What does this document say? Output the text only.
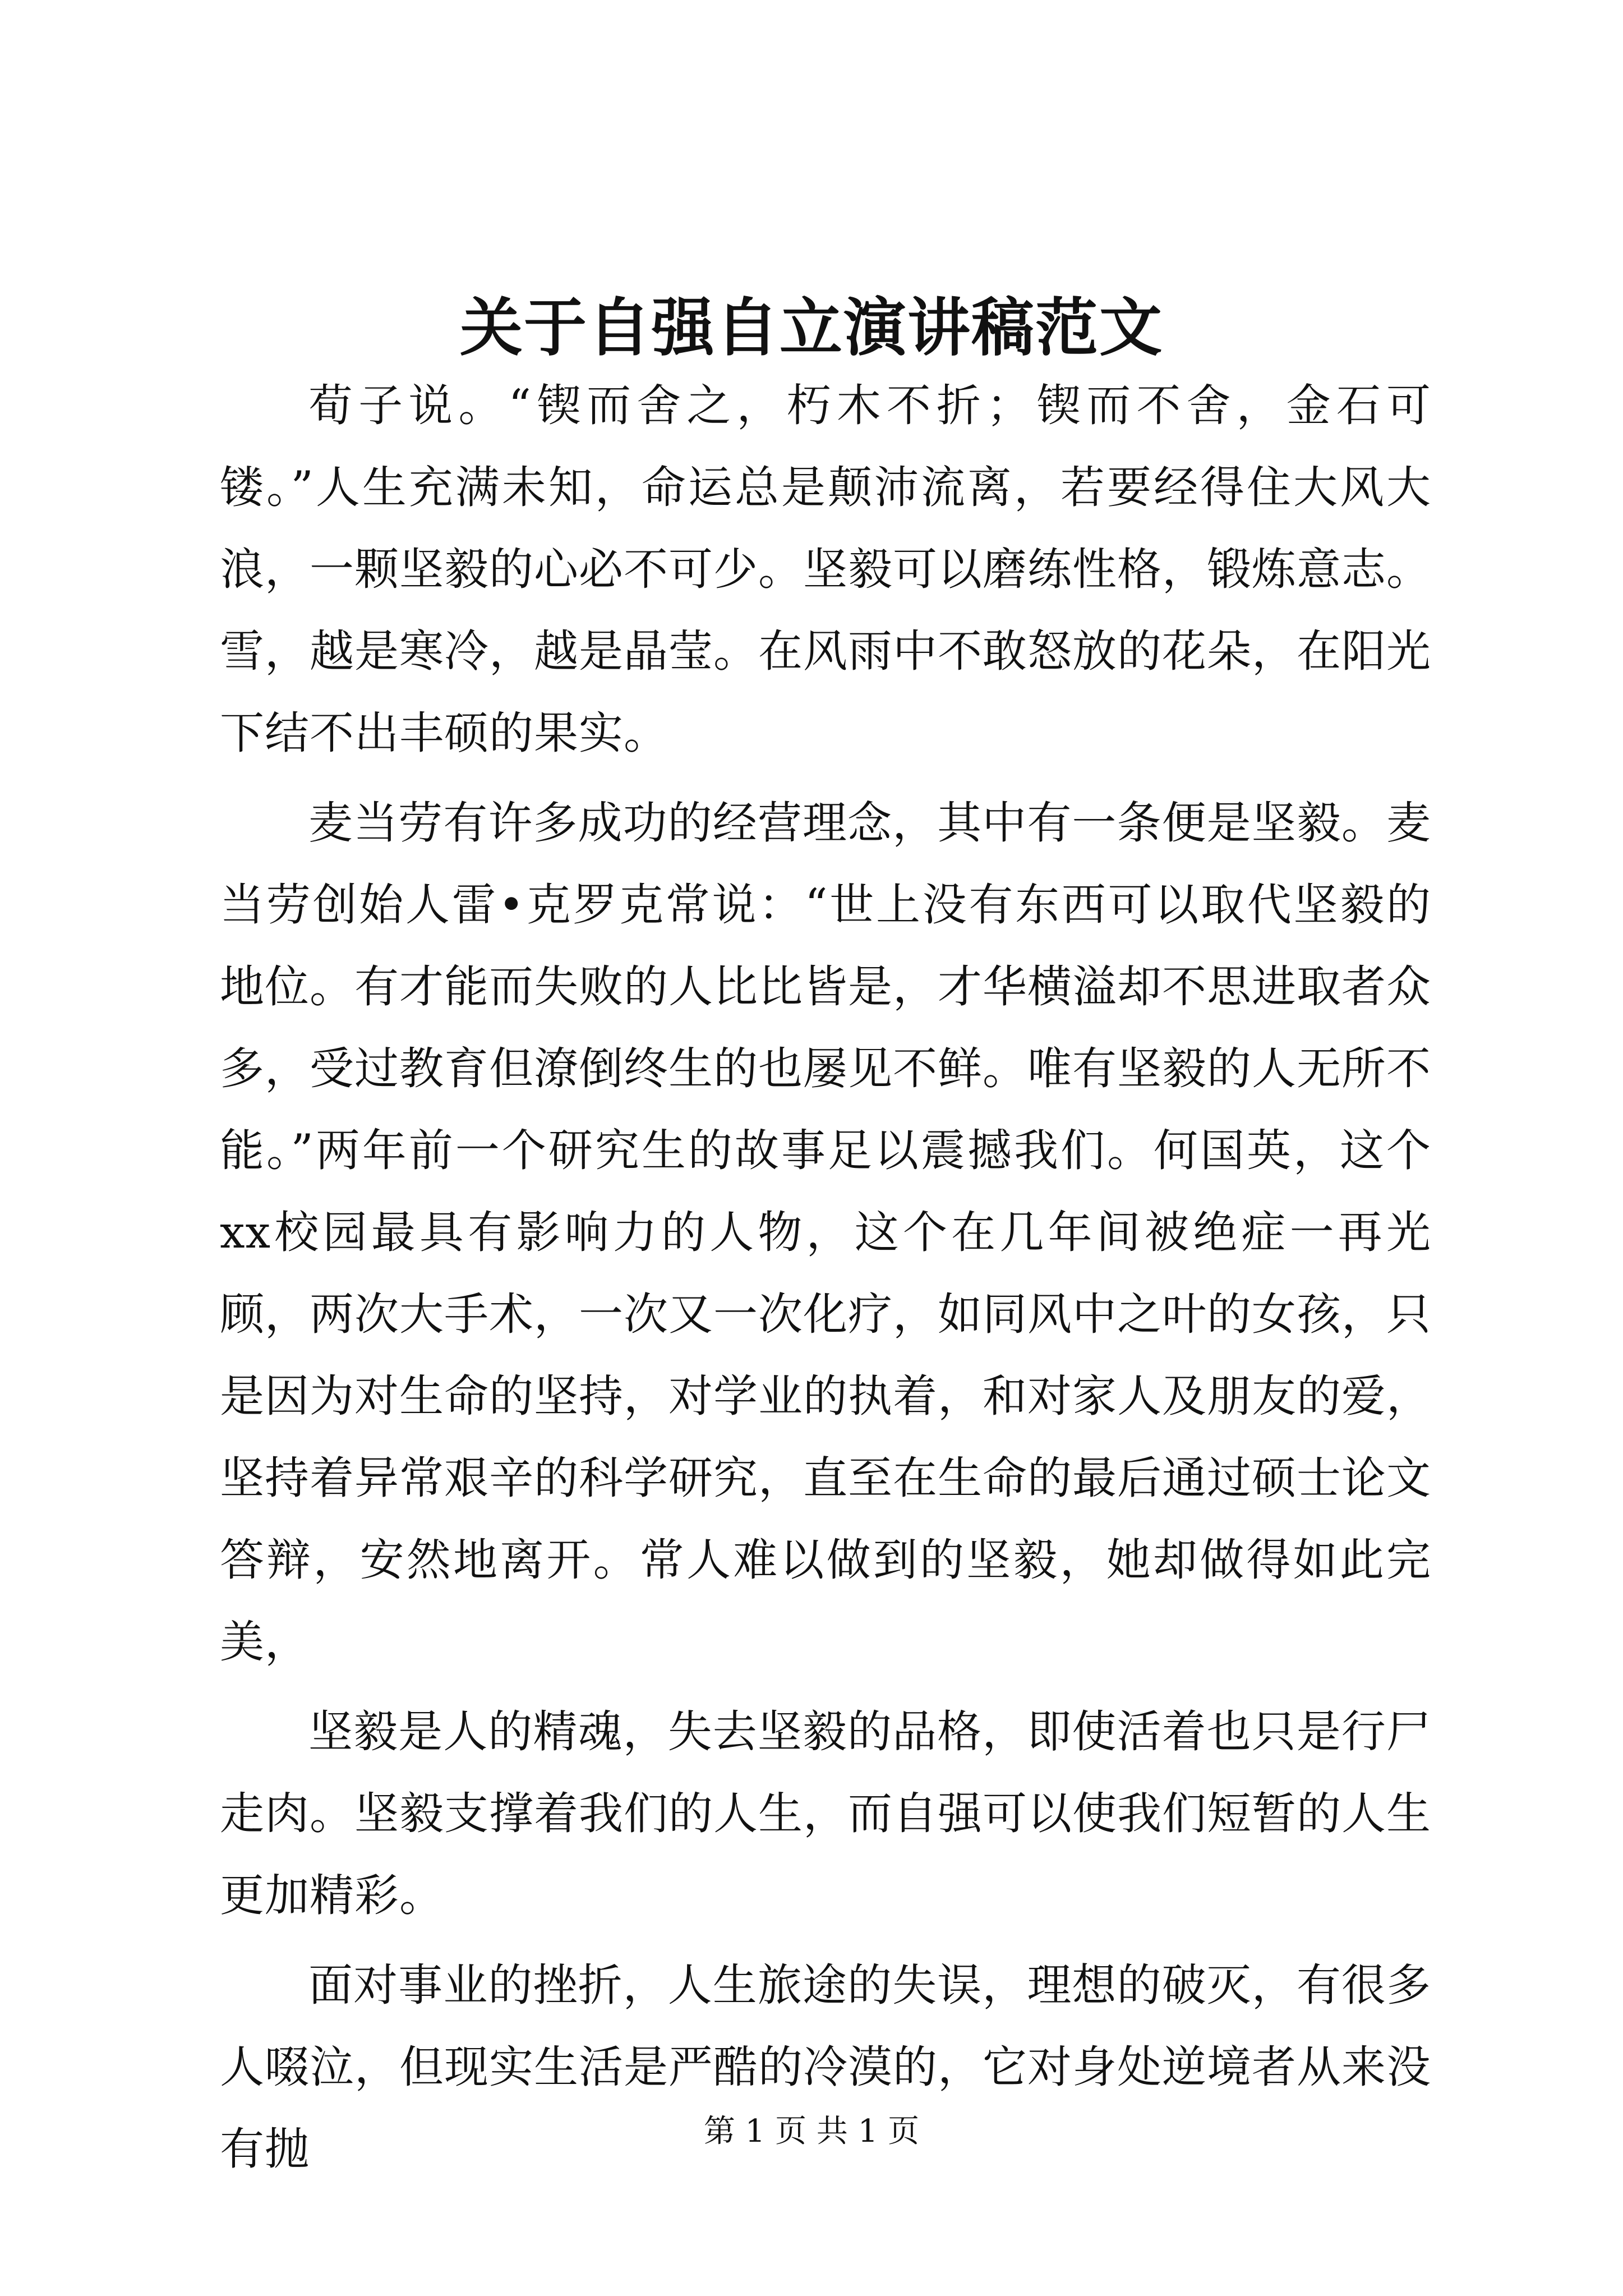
关于自强自立演讲稿范文

荀子说。“锲而舍之，朽木不折；锲而不舍，金石可镂。”人生充满未知，命运总是颠沛流离，若要经得住大风大浪，一颗坚毅的心必不可少。坚毅可以磨练性格，锻炼意志。雪，越是寒冷，越是晶莹。在风雨中不敢怒放的花朵，在阳光下结不出丰硕的果实。

麦当劳有许多成功的经营理念，其中有一条便是坚毅。麦当劳创始人雷•克罗克常说：“世上没有东西可以取代坚毅的地位。有才能而失败的人比比皆是，才华横溢却不思进取者众多，受过教育但潦倒终生的也屡见不鲜。唯有坚毅的人无所不能。”两年前一个研究生的故事足以震撼我们。何国英，这个xx校园最具有影响力的人物，这个在几年间被绝症一再光顾，两次大手术，一次又一次化疗，如同风中之叶的女孩，只是因为对生命的坚持，对学业的执着，和对家人及朋友的爱，坚持着异常艰辛的科学研究，直至在生命的最后通过硕士论文答辩，安然地离开。常人难以做到的坚毅，她却做得如此完美，

坚毅是人的精魂，失去坚毅的品格，即使活着也只是行尸走肉。坚毅支撑着我们的人生，而自强可以使我们短暂的人生更加精彩。

面对事业的挫折，人生旅途的失误，理想的破灭，有很多人啜泣，但现实生活是严酷的冷漠的，它对身处逆境者从来没有抛	第 1 页 共 1 页
